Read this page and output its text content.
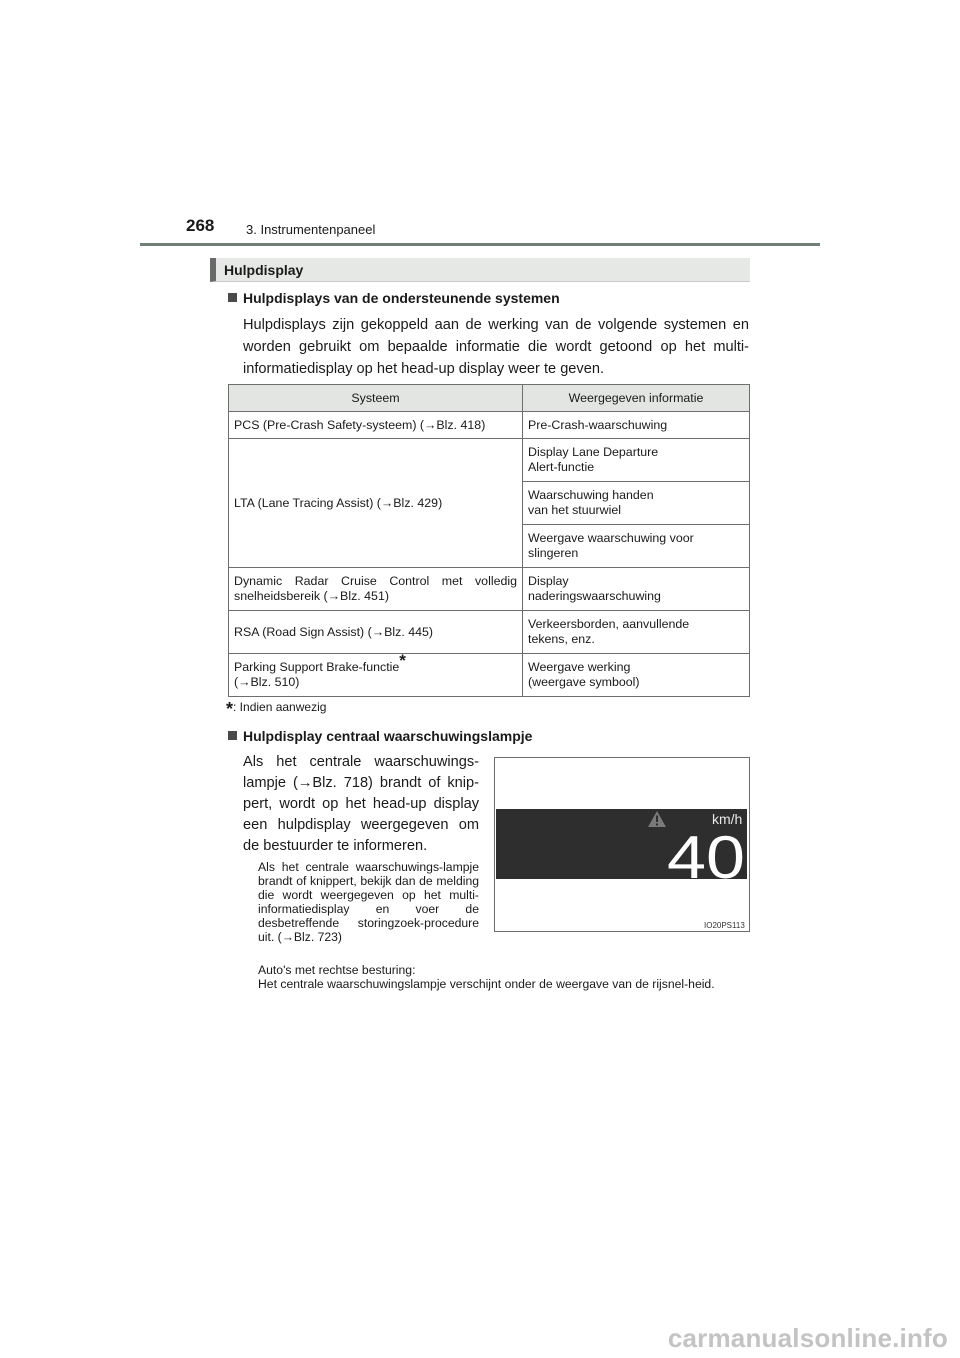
268 3. Instrumentenpaneel
Hulpdisplay
Hulpdisplays van de ondersteunende systemen
Hulpdisplays zijn gekoppeld aan de werking van de volgende systemen en worden gebruikt om bepaalde informatie die wordt getoond op het multi-informatiedisplay op het head-up display weer te geven.
Systeem	Weergegeven informatie
PCS (Pre-Crash Safety-systeem) (→Blz. 418)	Pre-Crash-waarschuwing
LTA (Lane Tracing Assist) (→Blz. 429)	Display Lane Departure
Alert-functie
	Waarschuwing handen
van het stuurwiel
	Weergave waarschuwing voor
slingeren

Dynamic Radar Cruise Control met volledig
snelheidsbereik (→Blz. 451)	Display
naderingswaarschuwing
RSA (Road Sign Assist) (→Blz. 445)	Verkeersborden, aanvullende
tekens, enz.
Parking Support Brake-functie*
(→Blz. 510)	Weergave werking
(weergave symbool)
*: Indien aanwezig
Hulpdisplay centraal waarschuwingslampje
Als het centrale waarschuwings-lampje (→Blz. 718) brandt of knip-pert, wordt op het head-up display een hulpdisplay weergegeven om de bestuurder te informeren.
Als het centrale waarschuwings-lampje brandt of knippert, bekijk dan de melding die wordt weergegeven op het multi-informatiedisplay en voer de desbetreffende storingzoek-procedure uit. (→Blz. 723)
Auto's met rechtse besturing:
Het centrale waarschuwingslampje verschijnt onder de weergave van de rijsnel-heid.
km/h
40
IO20PS113
carmanualsonline.info
